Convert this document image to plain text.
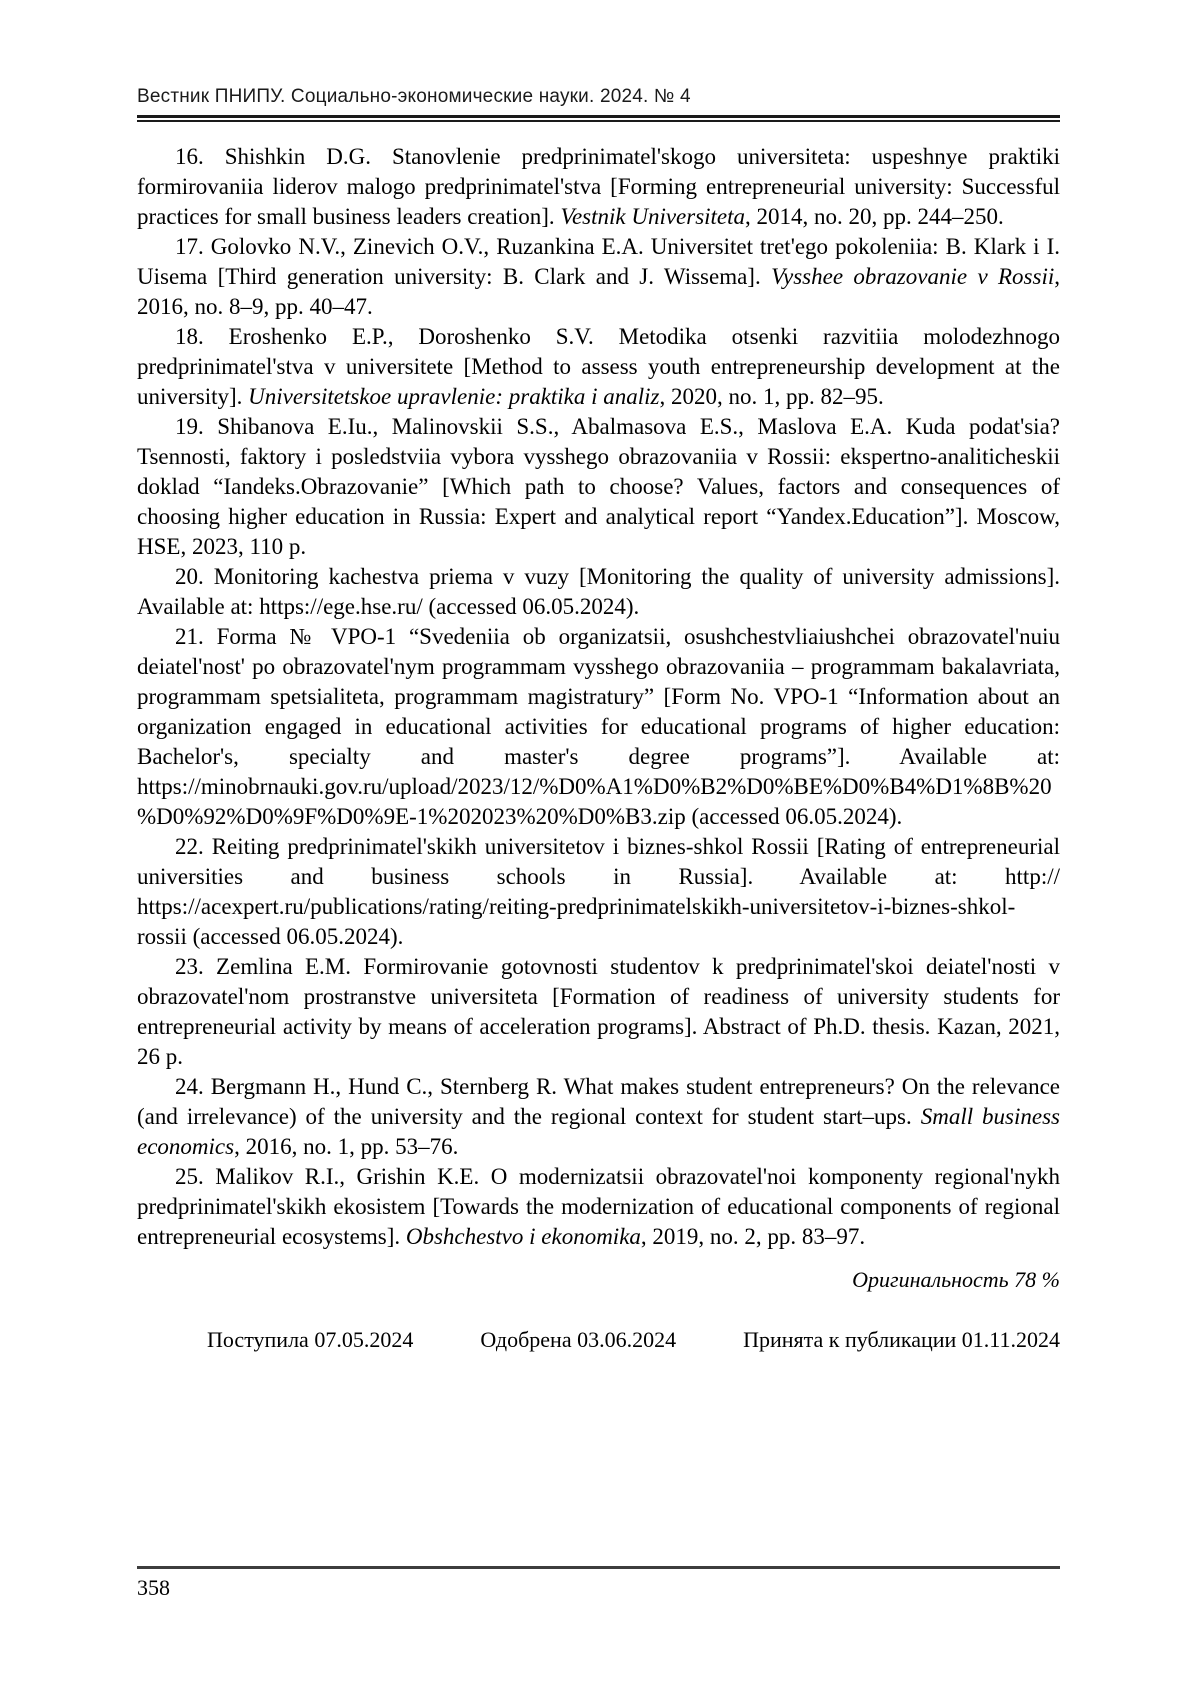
Вестник ПНИПУ. Социально-экономические науки. 2024. № 4

16. Shishkin D.G. Stanovlenie predprinimatel'skogo universiteta: uspeshnye praktiki formirovaniia liderov malogo predprinimatel'stva [Forming entrepreneurial university: Successful practices for small business leaders creation]. Vestnik Universiteta, 2014, no. 20, pp. 244–250.

17. Golovko N.V., Zinevich O.V., Ruzankina E.A. Universitet tret'ego pokoleniia: B. Klark i I. Uisema [Third generation university: B. Clark and J. Wissema]. Vysshee obrazovanie v Rossii, 2016, no. 8–9, pp. 40–47.

18. Eroshenko E.P., Doroshenko S.V. Metodika otsenki razvitiia molodezhnogo predprinimatel'stva v universitete [Method to assess youth entrepreneurship development at the university]. Universitetskoe upravlenie: praktika i analiz, 2020, no. 1, pp. 82–95.

19. Shibanova E.Iu., Malinovskii S.S., Abalmasova E.S., Maslova E.A. Kuda podat'sia? Tsennosti, faktory i posledstviia vybora vysshego obrazovaniia v Rossii: ekspertno-analiticheskii doklad “Iandeks.Obrazovanie” [Which path to choose? Values, factors and consequences of choosing higher education in Russia: Expert and analytical report “Yandex.Education”]. Moscow, HSE, 2023, 110 p.

20. Monitoring kachestva priema v vuzy [Monitoring the quality of university admissions]. Available at: https://ege.hse.ru/ (accessed 06.05.2024).

21. Forma № VPO-1 “Svedeniia ob organizatsii, osushchestvliaiushchei obrazovatel'nuiu deiatel'nost' po obrazovatel'nym programmam vysshego obrazovaniia – programmam bakalavriata, programmam spetsialiteta, programmam magistratury” [Form No. VPO-1 “Information about an organization engaged in educational activities for educational programs of higher education: Bachelor's, specialty and master's degree programs”]. Available at: https://minobrnauki.gov.ru/upload/2023/12/%D0%A1%D0%B2%D0%BE%D0%B4%D1%8B%20%D0%92%D0%9F%D0%9E-1%202023%20%D0%B3.zip (accessed 06.05.2024).

22. Reiting predprinimatel'skikh universitetov i biznes-shkol Rossii [Rating of entrepreneurial universities and business schools in Russia]. Available at: http:// https://acexpert.ru/publications/rating/reiting-predprinimatelskikh-universitetov-i-biznes-shkol-rossii (accessed 06.05.2024).

23. Zemlina E.M. Formirovanie gotovnosti studentov k predprinimatel'skoi deiatel'nosti v obrazovatel'nom prostranstve universiteta [Formation of readiness of university students for entrepreneurial activity by means of acceleration programs]. Abstract of Ph.D. thesis. Kazan, 2021, 26 p.

24. Bergmann H., Hund C., Sternberg R. What makes student entrepreneurs? On the relevance (and irrelevance) of the university and the regional context for student start–ups. Small business economics, 2016, no. 1, pp. 53–76.

25. Malikov R.I., Grishin K.E. O modernizatsii obrazovatel'noi komponenty regional'nykh predprinimatel'skikh ekosistem [Towards the modernization of educational components of regional entrepreneurial ecosystems]. Obshchestvo i ekonomika, 2019, no. 2, pp. 83–97.

Оригинальность 78 %
Поступила 07.05.2024	Одобрена 03.06.2024	Принята к публикации 01.11.2024
358
